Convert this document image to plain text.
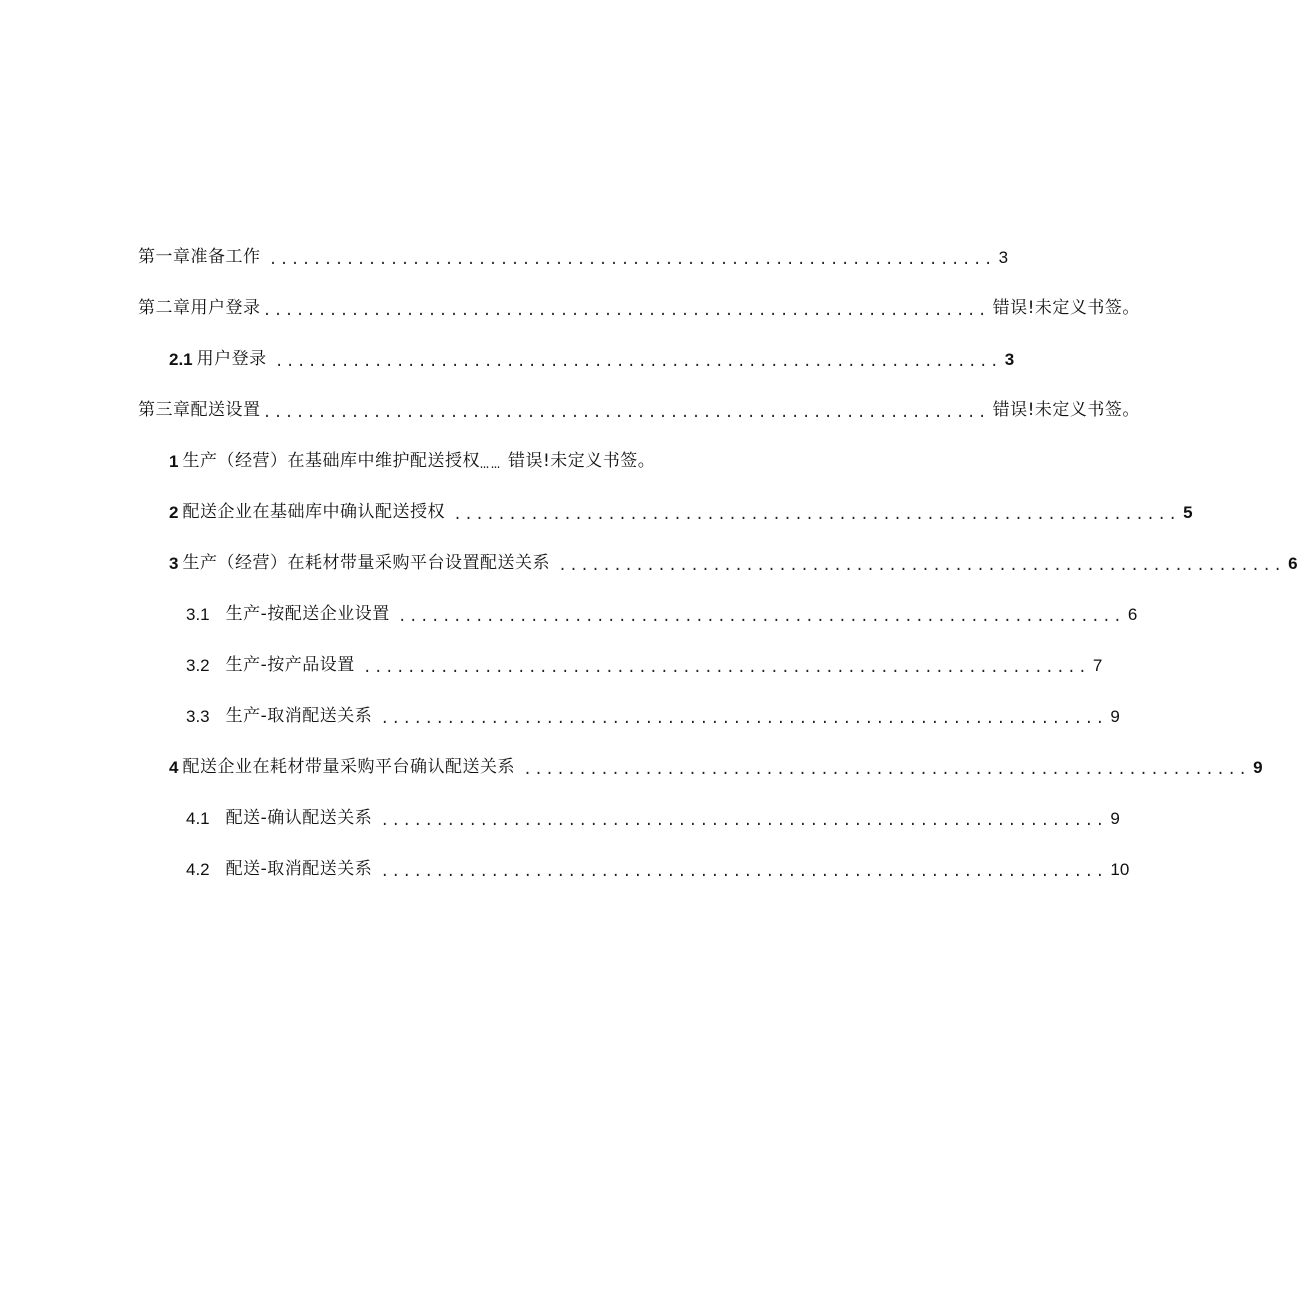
第一章准备工作 .................................................................. 3
第二章用户登录 .................................................................. 错误!未定义书签。
2.1 用户登录 .................................................................. 3
第三章配送设置 .................................................................. 错误!未定义书签。
1 生产（经营）在基础库中维护配送授权 …… 错误!未定义书签。
2 配送企业在基础库中确认配送授权 .................................................................. 5
3 生产（经营）在耗材带量采购平台设置配送关系 .................................................................. 6
3.1 生产-按配送企业设置 .................................................................. 6
3.2 生产-按产品设置 .................................................................. 7
3.3 生产-取消配送关系 .................................................................. 9
4 配送企业在耗材带量采购平台确认配送关系 .................................................................. 9
4.1 配送-确认配送关系 .................................................................. 9
4.2 配送-取消配送关系 .................................................................. 10
